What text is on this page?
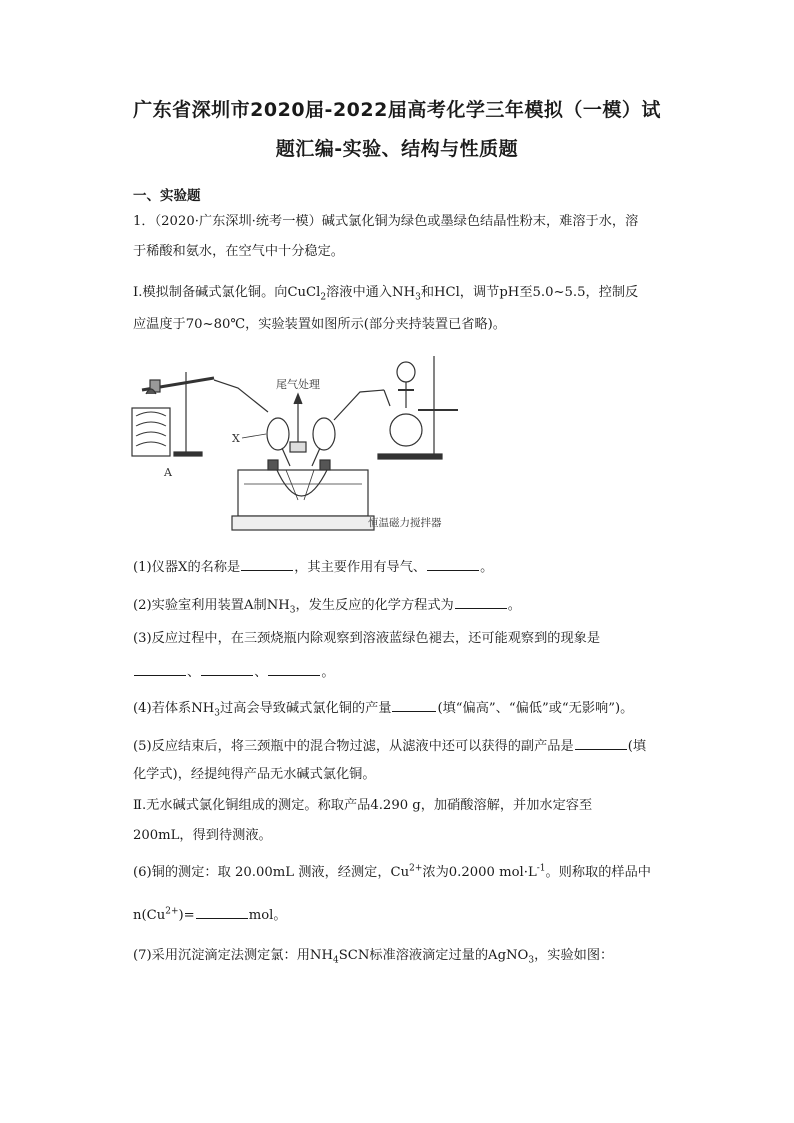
广东省深圳市2020届-2022届高考化学三年模拟（一模）试
题汇编-实验、结构与性质题
一、实验题
1．（2020·广东深圳·统考一模）碱式氯化铜为绿色或墨绿色结晶性粉末，难溶于水，溶
于稀酸和氨水，在空气中十分稳定。
Ⅰ.模拟制备碱式氯化铜。向CuCl$_2$溶液中通入$NH_3$和HCl，调节pH至5.0~5.5，控制反
应温度于70~80℃，实验装置如图所示(部分夹持装置已省略)。
A
X
尾气处理
恒温磁力搅拌器
(1)仪器X的名称是	，其主要作用有导气、	。
(2)实验室利用装置A制$NH_3$，发生反应的化学方程式为	。
(3)反应过程中，在三颈烧瓶内除观察到溶液蓝绿色褪去，还可能观察到的现象是
、	、	。
(4)若体系$NH_3$过高会导致碱式氯化铜的产量	(填“偏高”、“偏低”或“无影响”)。
(5)反应结束后，将三颈瓶中的混合物过滤，从滤液中还可以获得的副产品是	(填
化学式)，经提纯得产品无水碱式氯化铜。
Ⅱ.无水碱式氯化铜组成的测定。称取产品4.290 g，加硝酸溶解，并加水定容至
200mL，得到待测液。
(6)铜的测定：取 20.00mL 测液，经测定，$Cu^{2+}$浓为0.2000 $mol\cdot L^{-1}$。则称取的样品中
$n(Cu^{2+})=$	mol。
(7)采用沉淀滴定法测定氯：用$NH_4SCN$标准溶液滴定过量的AgNO$_3$，实验如图：
